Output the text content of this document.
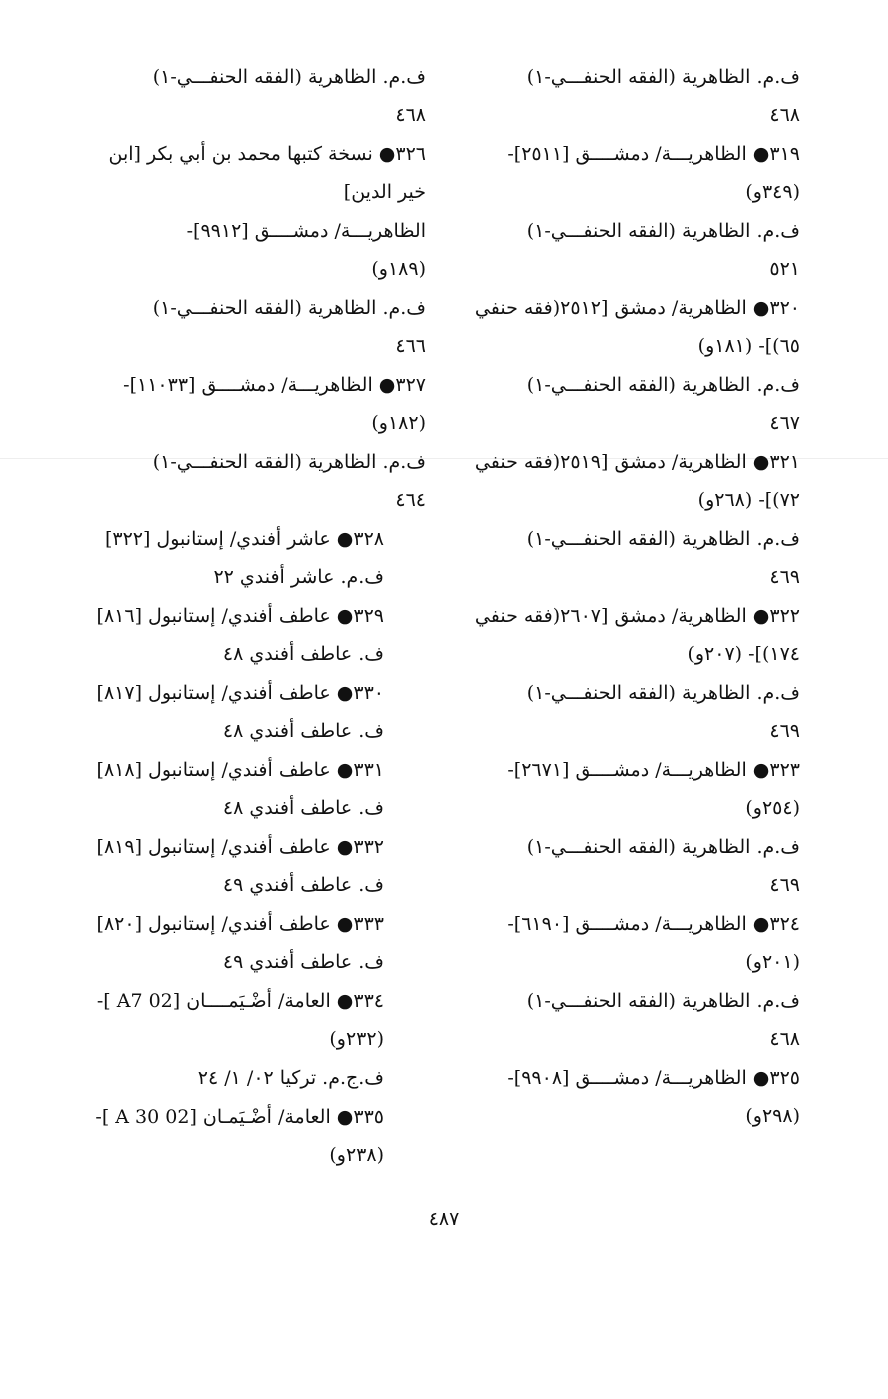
ف.م. الظاهرية (الفقه الحنفـــي-١)
٤٦٨
٣١٩● الظاهريـــة/ دمشــــق [٢٥١١]-
(٣٤٩و)
ف.م. الظاهرية (الفقه الحنفـــي-١)
٥٢١
٣٢٠● الظاهرية/ دمشق [٢٥١٢(فقه حنفي
٦٥)]- (١٨١و)
ف.م. الظاهرية (الفقه الحنفـــي-١)
٤٦٧
٣٢١● الظاهرية/ دمشق [٢٥١٩(فقه حنفي
٧٢)]- (٢٦٨و)
ف.م. الظاهرية (الفقه الحنفـــي-١)
٤٦٩
٣٢٢● الظاهرية/ دمشق [٢٦٠٧(فقه حنفي
١٧٤)]- (٢٠٧و)
ف.م. الظاهرية (الفقه الحنفـــي-١)
٤٦٩
٣٢٣● الظاهريـــة/ دمشــــق [٢٦٧١]-
(٢٥٤و)
ف.م. الظاهرية (الفقه الحنفـــي-١)
٤٦٩
٣٢٤● الظاهريـــة/ دمشــــق [٦١٩٠]-
(٢٠١و)
ف.م. الظاهرية (الفقه الحنفـــي-١)
٤٦٨
٣٢٥● الظاهريـــة/ دمشــــق [٩٩٠٨]-
(٢٩٨و)
ف.م. الظاهرية (الفقه الحنفـــي-١)
٤٦٨
٣٢٦● نسخة كتبها محمد بن أبي بكر [ابن
خير الدين]
الظاهريـــة/ دمشــــق [٩٩١٢]-
(١٨٩و)
ف.م. الظاهرية (الفقه الحنفـــي-١)
٤٦٦
٣٢٧● الظاهريـــة/ دمشــــق [١١٠٣٣]-
(١٨٢و)
ف.م. الظاهرية (الفقه الحنفـــي-١)
٤٦٤
٣٢٨● عاشر أفندي/ إستانبول [٣٢٢]
ف.م. عاشر أفندي ٢٢
٣٢٩● عاطف أفندي/ إستانبول [٨١٦]
ف. عاطف أفندي ٤٨
٣٣٠● عاطف أفندي/ إستانبول [٨١٧]
ف. عاطف أفندي ٤٨
٣٣١● عاطف أفندي/ إستانبول [٨١٨]
ف. عاطف أفندي ٤٨
٣٣٢● عاطف أفندي/ إستانبول [٨١٩]
ف. عاطف أفندي ٤٩
٣٣٣● عاطف أفندي/ إستانبول [٨٢٠]
ف. عاطف أفندي ٤٩
٣٣٤● العامة/ أضْـيَمــــان [02 A7 ]-
(٢٣٢و)
ف.ج.م. تركيا ٠٢/ ١/ ٢٤
٣٣٥● العامة/ أضْـيَمـان [02 A 30 ]-
(٢٣٨و)
٤٨٧
